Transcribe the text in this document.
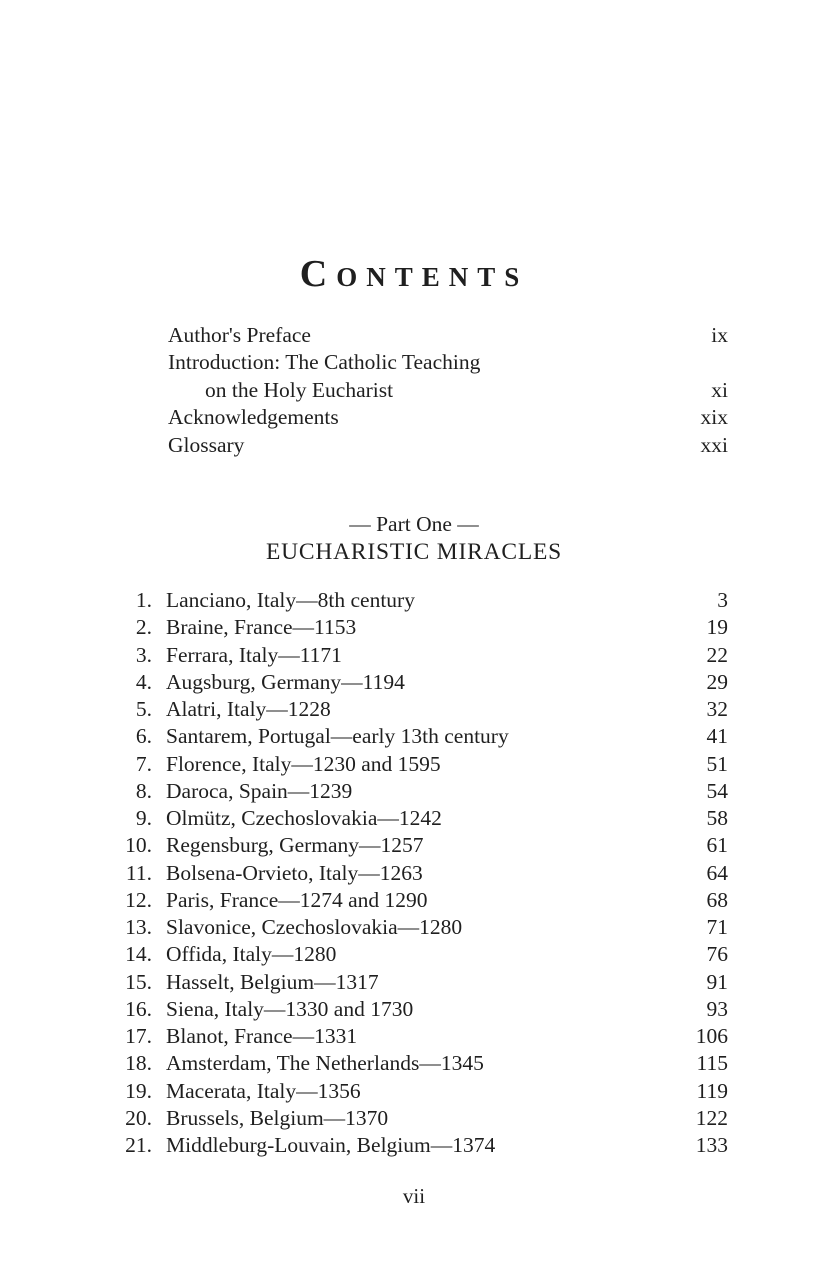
CONTENTS
Author's Preface	ix
Introduction: The Catholic Teaching
on the Holy Eucharist	xi
Acknowledgements	xix
Glossary	xxi
— Part One —
EUCHARISTIC MIRACLES
1. Lanciano, Italy—8th century	3
2. Braine, France—1153	19
3. Ferrara, Italy—1171	22
4. Augsburg, Germany—1194	29
5. Alatri, Italy—1228	32
6. Santarem, Portugal—early 13th century	41
7. Florence, Italy—1230 and 1595	51
8. Daroca, Spain—1239	54
9. Olmütz, Czechoslovakia—1242	58
10. Regensburg, Germany—1257	61
11. Bolsena-Orvieto, Italy—1263	64
12. Paris, France—1274 and 1290	68
13. Slavonice, Czechoslovakia—1280	71
14. Offida, Italy—1280	76
15. Hasselt, Belgium—1317	91
16. Siena, Italy—1330 and 1730	93
17. Blanot, France—1331	106
18. Amsterdam, The Netherlands—1345	115
19. Macerata, Italy—1356	119
20. Brussels, Belgium—1370	122
21. Middleburg-Louvain, Belgium—1374	133
vii
